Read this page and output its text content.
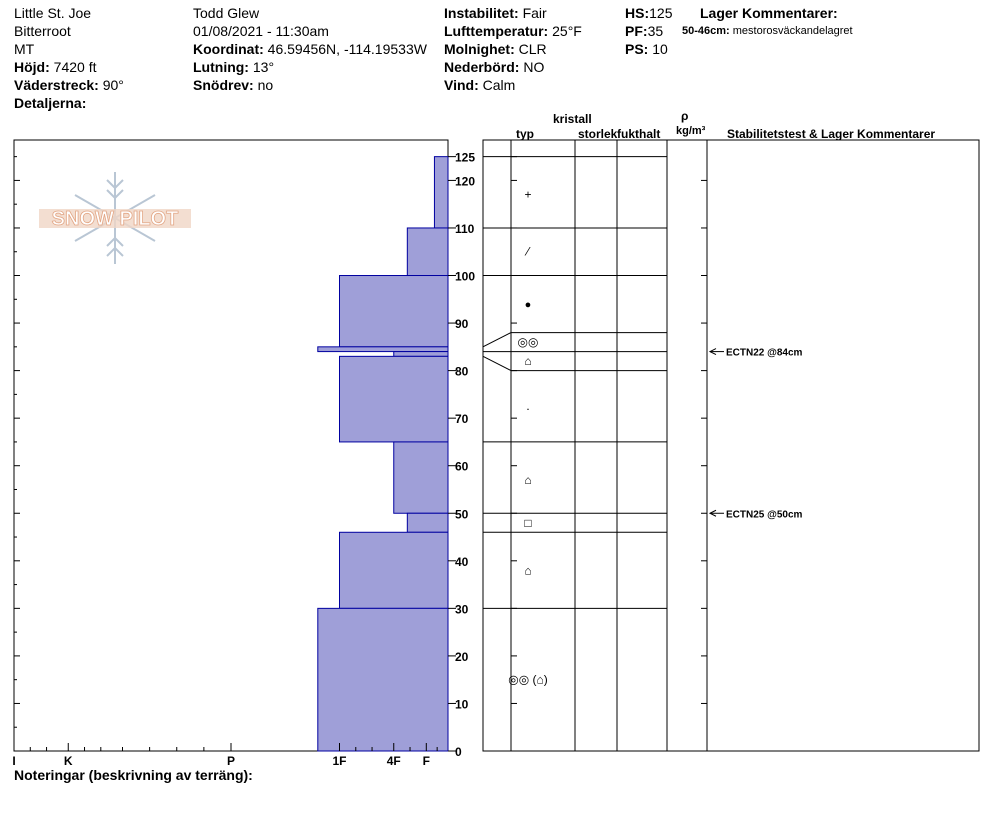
Little St. Joe
Bitterroot
MT
Höjd: 7420 ft
Väderstreck: 90°
Detaljerna:
Todd Glew
01/08/2021 - 11:30am
Koordinat: 46.59456N, -114.19533W
Lutning: 13°
Snödrev: no
Instabilitet: Fair
Lufttemperatur: 25°F
Molnighet: CLR
Nederbörd: NO
Vind: Calm
HS:125
PF:35
PS: 10
Lager Kommentarer:
50-46cm: mestorosväckandelagret
kristall
typ	storlek fukthalt
ρ
kg/m³ Stabilitetstest & Lager Kommentarer
Noteringar (beskrivning av terräng):
SNOW PILOT
I	K	P	1F	4F F
0
10
20
30
40
50
60
70
80
90
100
110
120
125
+
⁄
●
◎◎
⌂
·
⌂
□
⌂
◎◎ (⌂)
ECTN22 @84cm
ECTN25 @50cm
